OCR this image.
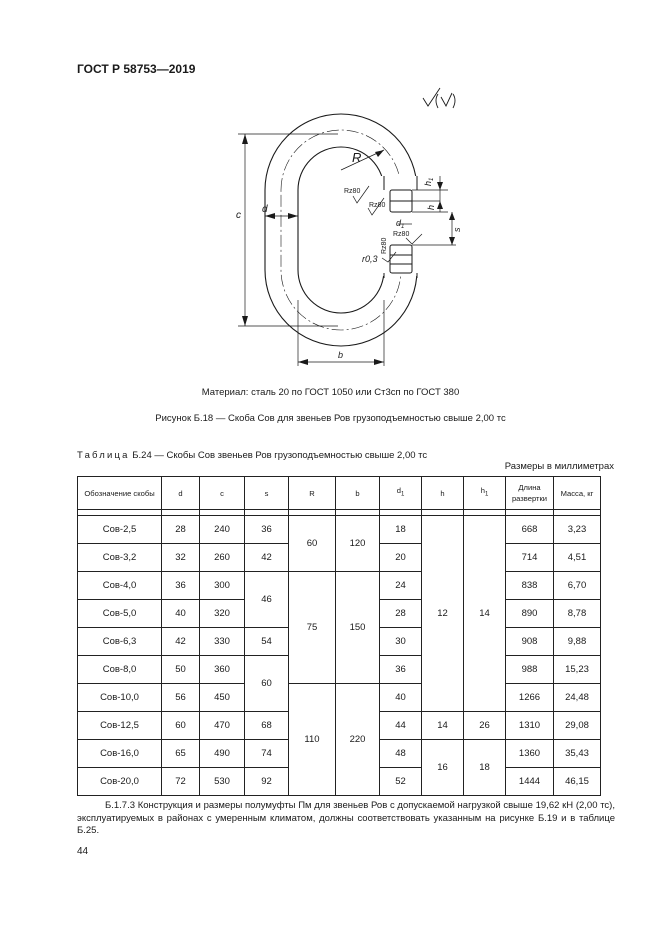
ГОСТ Р 58753—2019
R
c
d
b
$h_1$
h
s
$d_1$
r0,3
Rz80
Rz80
Rz80
Rz80
Материал: сталь 20 по ГОСТ 1050 или Ст3сп по ГОСТ 380
Рисунок Б.18 — Скоба Сов для звеньев Ров грузоподъемностью свыше 2,00 тс
Таблица Б.24 — Скобы Сов звеньев Ров грузоподъемностью свыше 2,00 тс
Размеры в миллиметрах
Обозначение скобы	d	c	s	R	b	$d_1$	h	$h_1$	Длина развертки	Масса, кг

Сов-2,5	28	240	36	60	120	18	12	14	668	3,23
Сов-3,2	32	260	42			20			714	4,51
Сов-4,0	36	300	46	75	150	24			838	6,70
Сов-5,0	40	320				28			890	8,78
Сов-6,3	42	330	54			30			908	9,88
Сов-8,0	50	360	60			36			988	15,23
Сов-10,0	56	450		110	220	40			1266	24,48
Сов-12,5	60	470	68			44	14	26	1310	29,08
Сов-16,0	65	490	74			48	16	18	1360	35,43
Сов-20,0	72	530	92			52			1444	46,15
Б.1.7.3 Конструкция и размеры полумуфты Пм для звеньев Ров с допускаемой нагрузкой свыше 19,62 кН (2,00 тс), эксплуатируемых в районах с умеренным климатом, должны соответствовать указанным на рисунке Б.19 и в таблице Б.25.
44
